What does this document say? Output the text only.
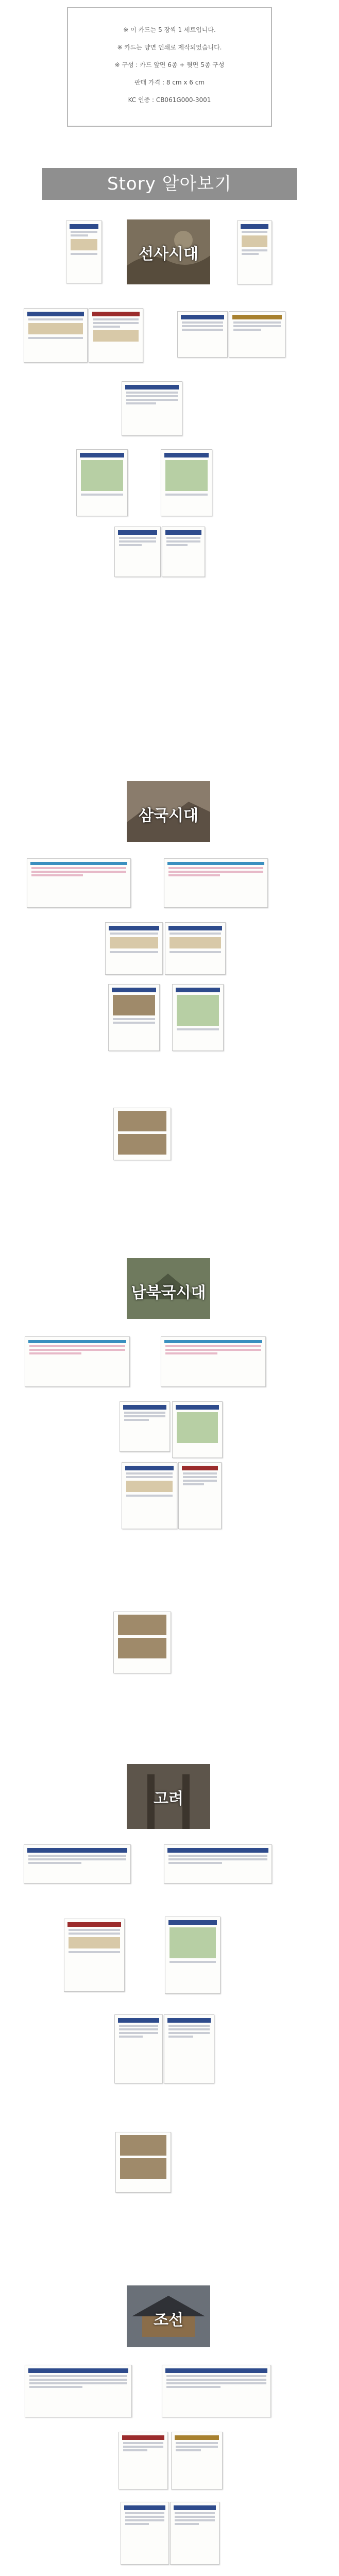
※ 이 카드는 5 장씩 1 세트입니다.
※ 카드는 양면 인쇄로 제작되었습니다.
※ 구성 : 카드 앞면 6종 + 뒷면 5종 구성
판매 가격 : 8 cm x 6 cm
KC 인증 : CB061G000-3001
Story 알아보기
선사시대
삼국시대
남북국시대
고려
조선
